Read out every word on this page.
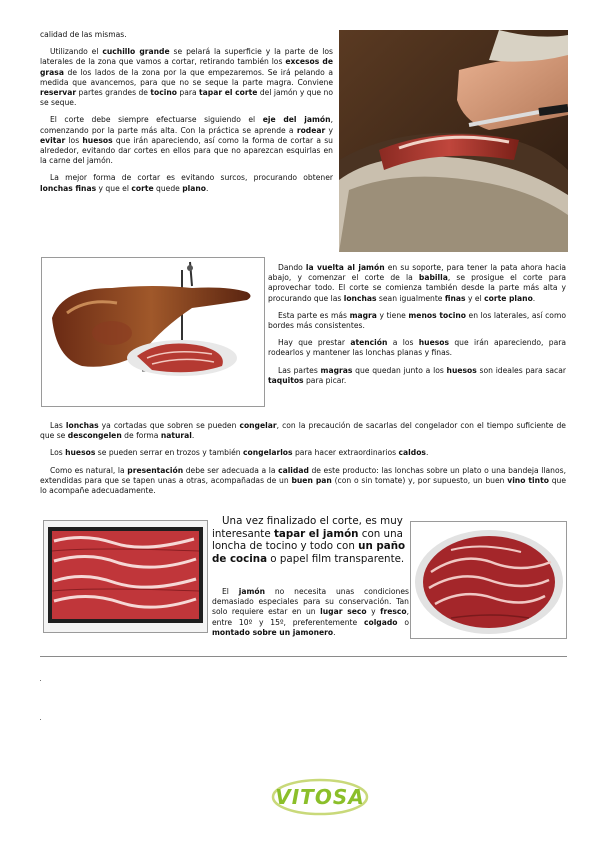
calidad de las mismas.

Utilizando el cuchillo grande se pelará la superficie y la parte de los laterales de la zona que vamos a cortar, retirando también los excesos de grasa de los lados de la zona por la que empezaremos. Se irá pelando a medida que avancemos, para que no se seque la parte magra. Conviene reservar partes grandes de tocino para tapar el corte del jamón y que no se seque.

El corte debe siempre efectuarse siguiendo el eje del jamón, comenzando por la parte más alta. Con la práctica se aprende a rodear y evitar los huesos que irán apareciendo, así como la forma de cortar a su alrededor, evitando dar cortes en ellos para que no aparezcan esquirlas en la carne del jamón.

La mejor forma de cortar es evitando surcos, procurando obtener lonchas finas y que el corte quede plano.

Dando la vuelta al jamón en su soporte, para tener la pata ahora hacia abajo, y comenzar el corte de la babilla, se prosigue el corte para aprovechar todo. El corte se comienza también desde la parte más alta y procurando que las lonchas sean igualmente finas y el corte plano.

Esta parte es más magra y tiene menos tocino en los laterales, así como bordes más consistentes.

Hay que prestar atención a los huesos que irán apareciendo, para rodearlos y mantener las lonchas planas y finas.

Las partes magras que quedan junto a los huesos son ideales para sacar taquitos para picar.

Las lonchas ya cortadas que sobren se pueden congelar, con la precaución de sacarlas del congelador con el tiempo suficiente de que se descongelen de forma natural.

Los huesos se pueden serrar en trozos y también congelarlos para hacer extraordinarios caldos.

Como es natural, la presentación debe ser adecuada a la calidad de este producto: las lonchas sobre un plato o una bandeja llanos, extendidas para que se tapen unas a otras, acompañadas de un buen pan (con o sin tomate) y, por supuesto, un buen vino tinto que lo acompañe adecuadamente.

Una vez finalizado el corte, es muy interesante tapar el jamón con una loncha de tocino y todo con un paño de cocina o papel film transparente.

El jamón no necesita unas condiciones demasiado especiales para su conservación. Tan solo requiere estar en un lugar seco y fresco, entre 10º y 15º, preferentemente colgado o montado sobre un jamonero.

VITOSA
